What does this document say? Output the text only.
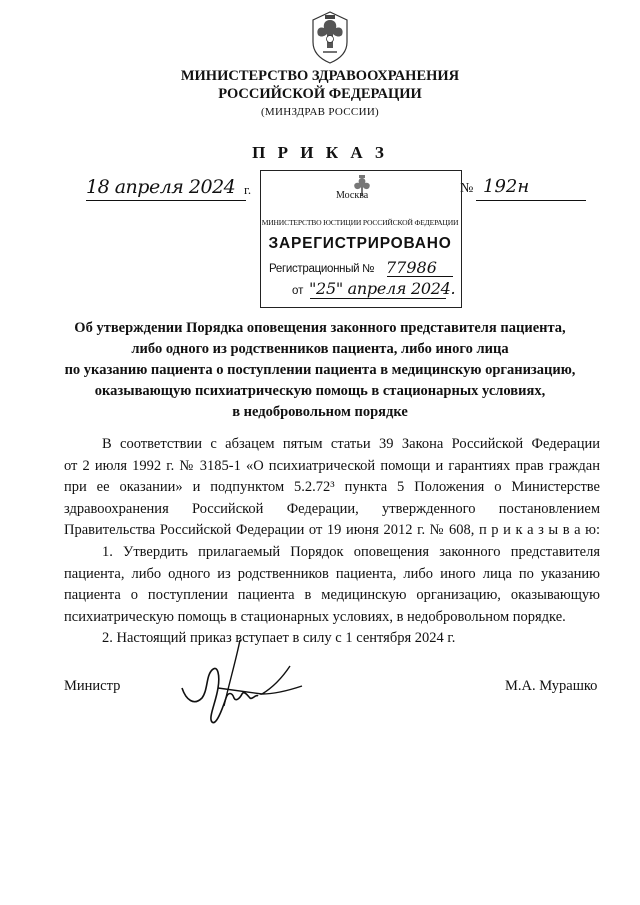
МИНИСТЕРСТВО ЗДРАВООХРАНЕНИЯ
РОССИЙСКОЙ ФЕДЕРАЦИИ
(МИНЗДРАВ РОССИИ)
П Р И К А З
18 апреля 2024 г.	№ 192н
Москва
МИНИСТЕРСТВО ЮСТИЦИИ РОССИЙСКОЙ ФЕДЕРАЦИИ
ЗАРЕГИСТРИРОВАНО
Регистрационный № 77986
от "25" апреля 2024.
Об утверждении Порядка оповещения законного представителя пациента,
либо одного из родственников пациента, либо иного лица
по указанию пациента о поступлении пациента в медицинскую организацию,
оказывающую психиатрическую помощь в стационарных условиях,
в недобровольном порядке
В соответствии с абзацем пятым статьи 39 Закона Российской Федерации
от 2 июля 1992 г. № 3185-1 «О психиатрической помощи и гарантиях прав граждан
при ее оказании» и подпунктом 5.2.72³ пункта 5 Положения о Министерстве
здравоохранения Российской Федерации, утвержденного постановлением
Правительства Российской Федерации от 19 июня 2012 г. № 608, п р и к а з ы в а ю:
1. Утвердить прилагаемый Порядок оповещения законного представителя
пациента, либо одного из родственников пациента, либо иного лица по указанию
пациента о поступлении пациента в медицинскую организацию, оказывающую
психиатрическую помощь в стационарных условиях, в недобровольном порядке.
2. Настоящий приказ вступает в силу с 1 сентября 2024 г.
Министр	М.А. Мурашко
